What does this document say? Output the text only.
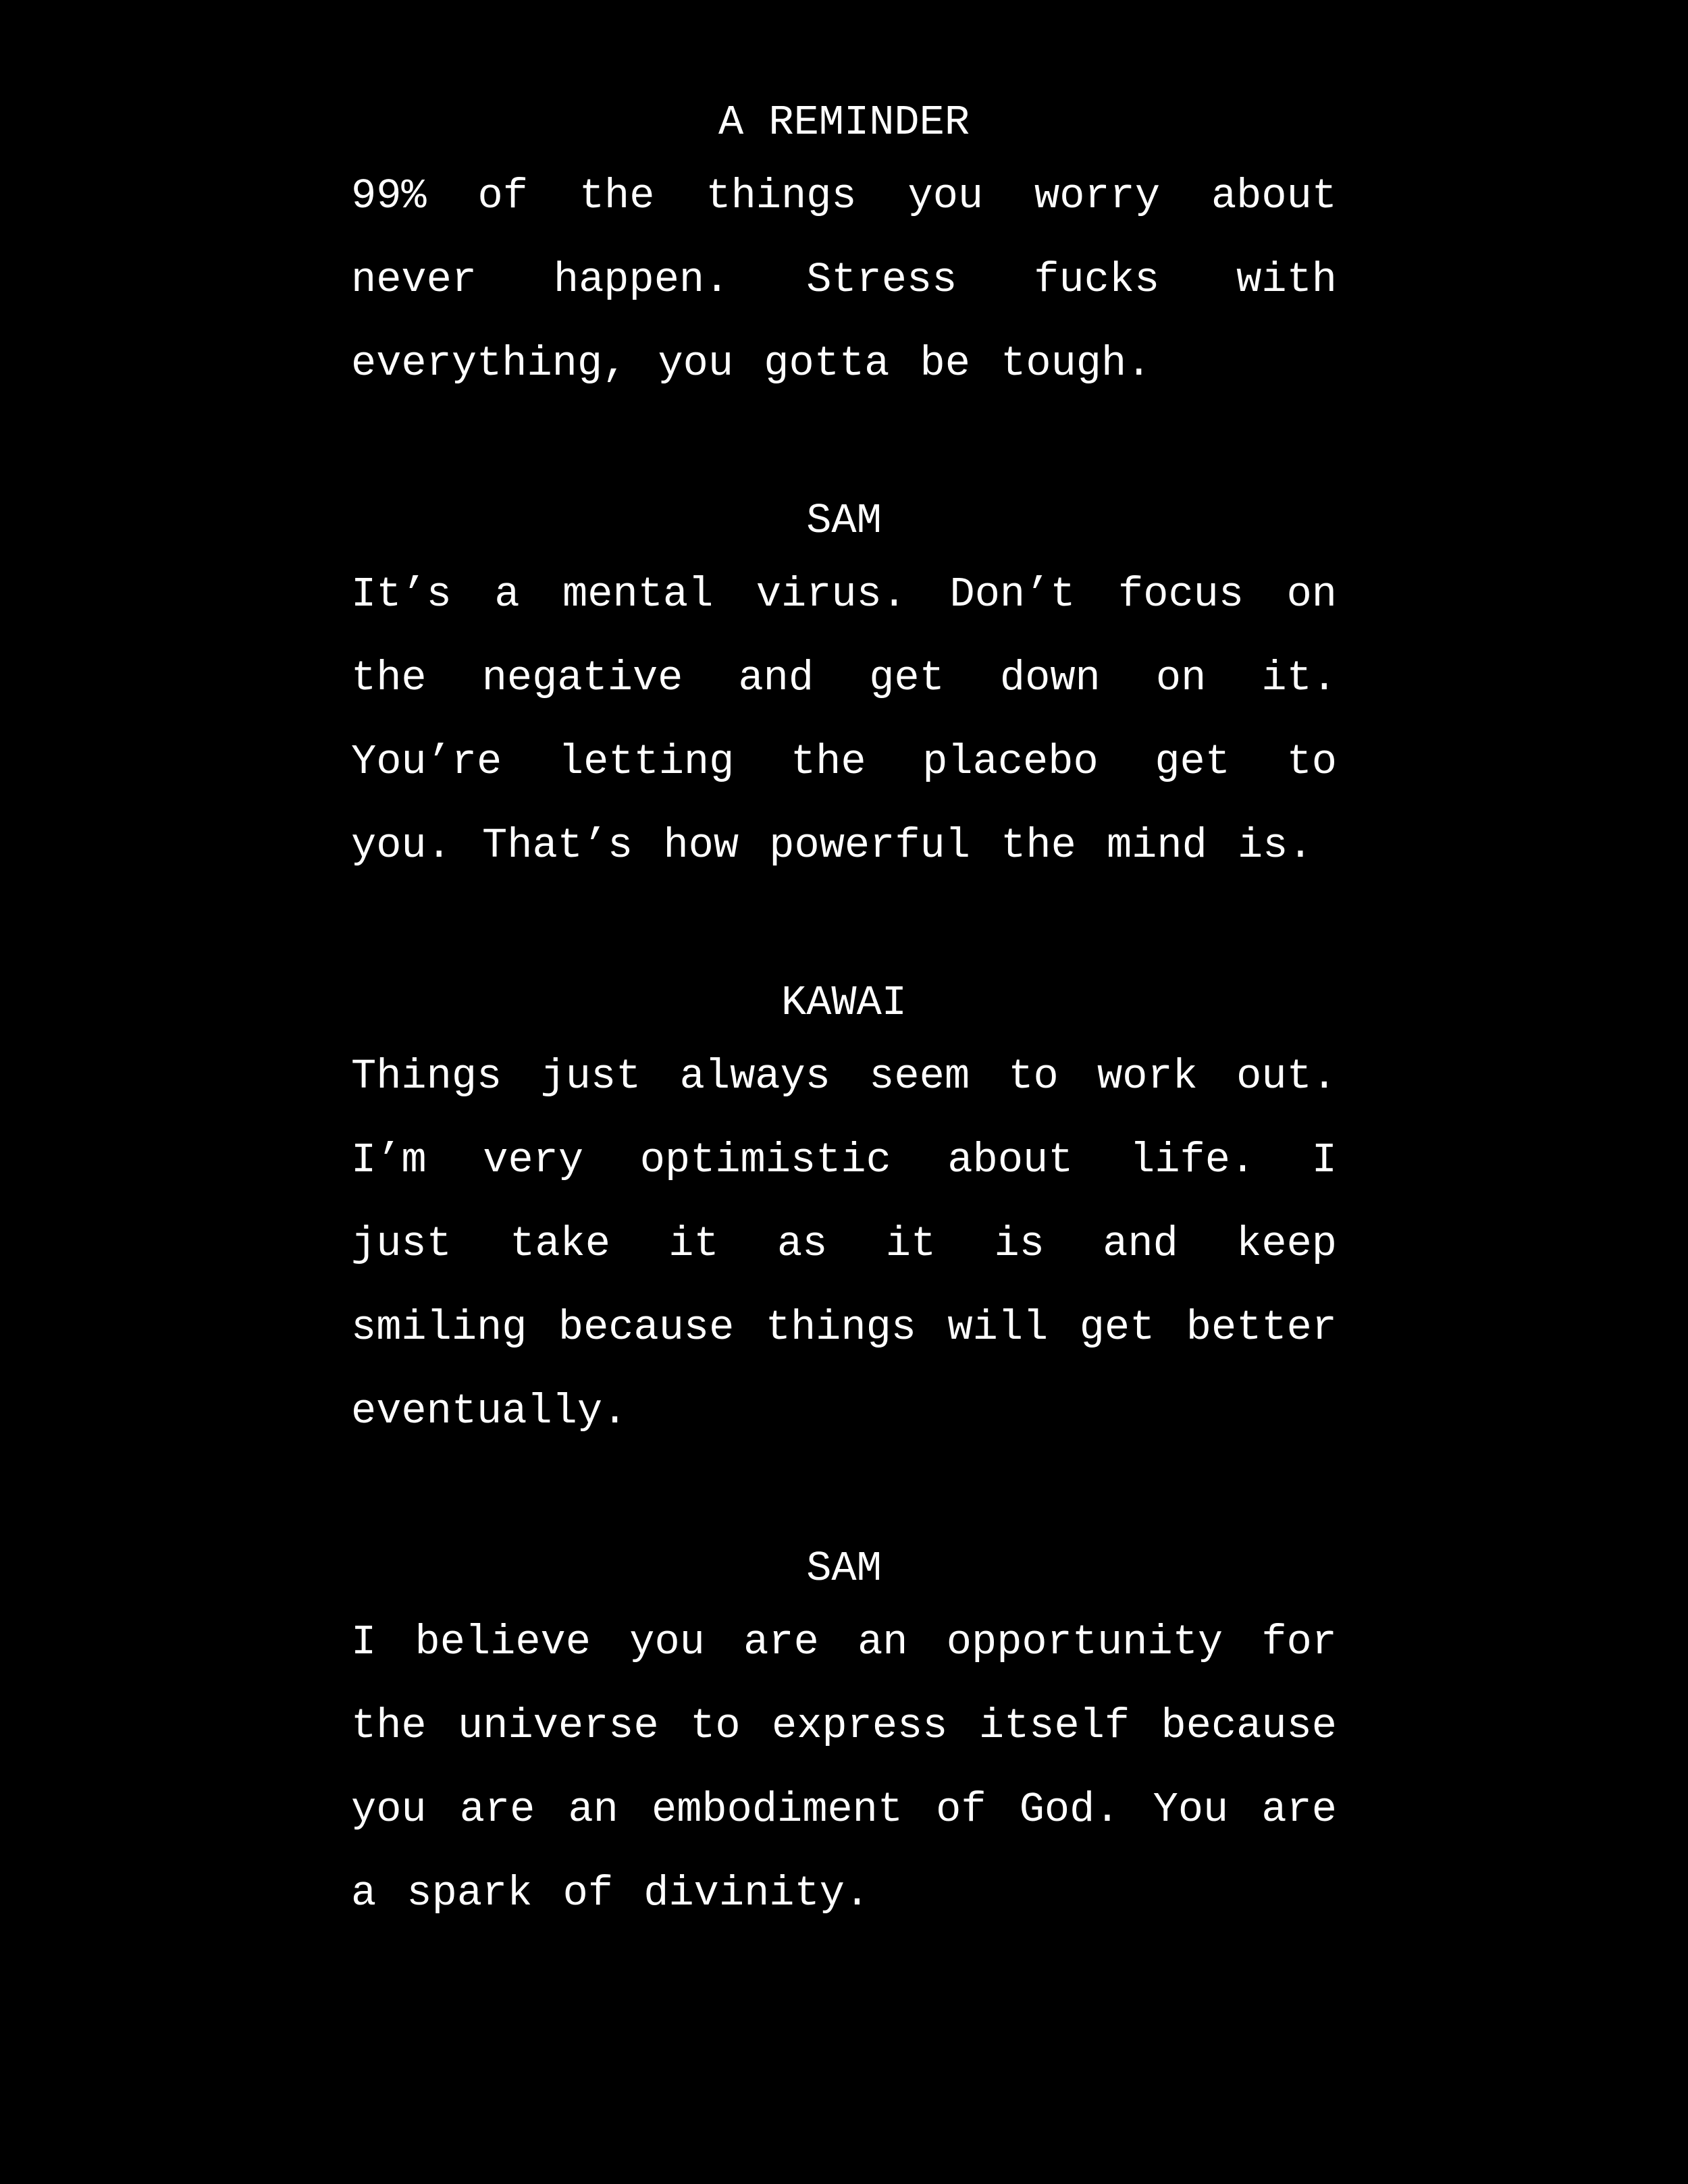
A REMINDER

99% of the things you worry about never happen. Stress fucks with everything, you gotta be tough.

SAM

It’s a mental virus. Don’t focus on the negative and get down on it. You’re letting the placebo get to you. That’s how powerful the mind is.

KAWAI

Things just always seem to work out. I’m very optimistic about life. I just take it as it is and keep smiling because things will get better eventually.

SAM

I believe you are an opportunity for the universe to express itself because you are an embodiment of God. You are a spark of divinity.
